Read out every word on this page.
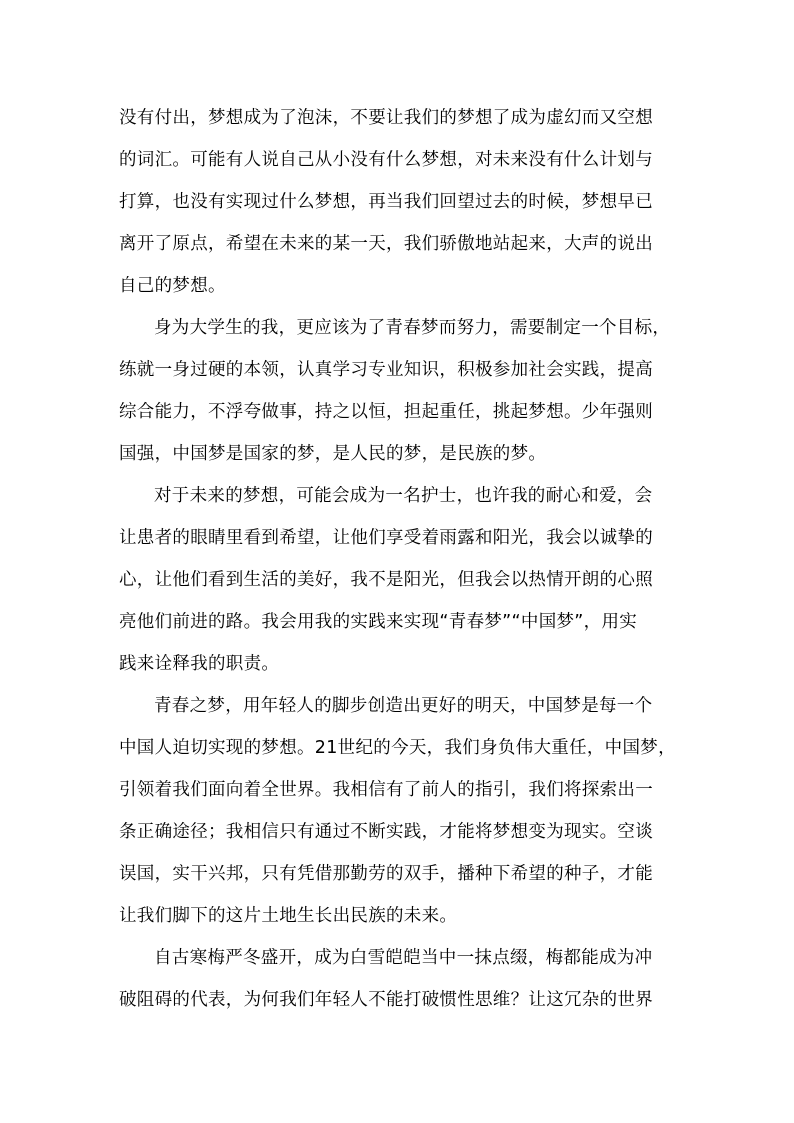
没有付出，梦想成为了泡沫，不要让我们的梦想了成为虚幻而又空想
的词汇。可能有人说自己从小没有什么梦想，对未来没有什么计划与
打算，也没有实现过什么梦想，再当我们回望过去的时候，梦想早已
离开了原点，希望在未来的某一天，我们骄傲地站起来，大声的说出
自己的梦想。
身为大学生的我，更应该为了青春梦而努力，需要制定一个目标，
练就一身过硬的本领，认真学习专业知识，积极参加社会实践，提高
综合能力，不浮夸做事，持之以恒，担起重任，挑起梦想。少年强则
国强，中国梦是国家的梦，是人民的梦，是民族的梦。
对于未来的梦想，可能会成为一名护士，也许我的耐心和爱，会
让患者的眼睛里看到希望，让他们享受着雨露和阳光，我会以诚挚的
心，让他们看到生活的美好，我不是阳光，但我会以热情开朗的心照
亮他们前进的路。我会用我的实践来实现“青春梦”“中国梦”，用实
践来诠释我的职责。
青春之梦，用年轻人的脚步创造出更好的明天，中国梦是每一个
中国人迫切实现的梦想。21世纪的今天，我们身负伟大重任，中国梦，
引领着我们面向着全世界。我相信有了前人的指引，我们将探索出一
条正确途径；我相信只有通过不断实践，才能将梦想变为现实。空谈
误国，实干兴邦，只有凭借那勤劳的双手，播种下希望的种子，才能
让我们脚下的这片土地生长出民族的未来。
自古寒梅严冬盛开，成为白雪皑皑当中一抹点缀，梅都能成为冲
破阻碍的代表，为何我们年轻人不能打破惯性思维？让这冗杂的世界
